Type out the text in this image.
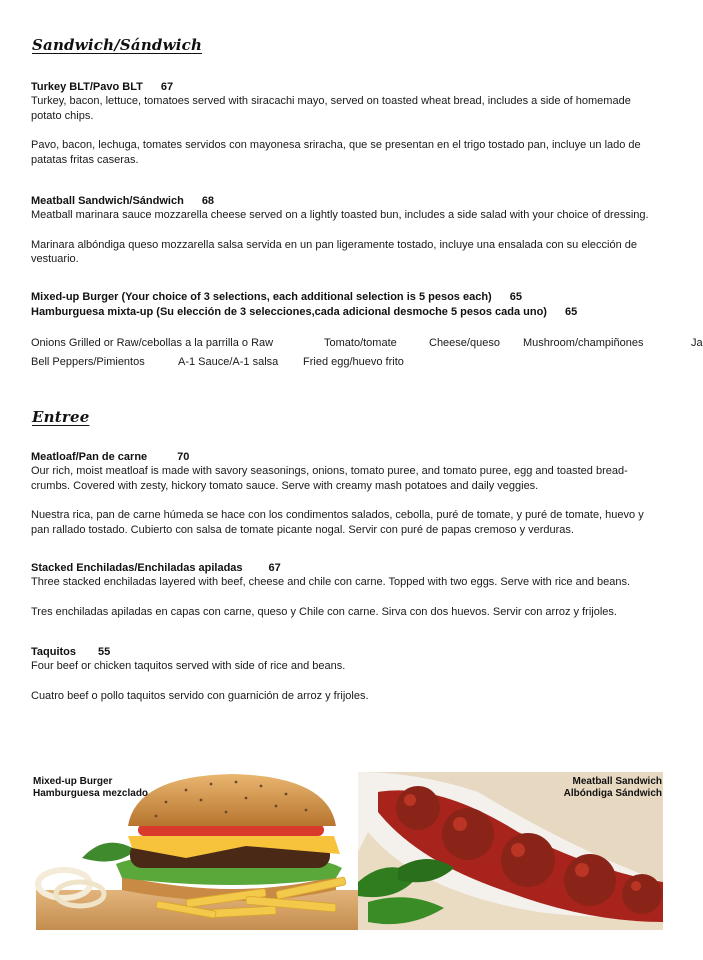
Sandwich/Sándwich
Turkey BLT/Pavo BLT 67

Turkey, bacon, lettuce, tomatoes served with siracachi mayo, served on toasted wheat bread, includes a side of homemade potato chips.

Pavo, bacon, lechuga, tomates servidos con mayonesa sriracha, que se presentan en el trigo tostado pan, incluye un lado de patatas fritas caseras.

Meatball Sandwich/Sándwich 68

Meatball marinara sauce mozzarella cheese served on a lightly toasted bun, includes a side salad with your choice of dressing.

Marinara albóndiga queso mozzarella salsa servida en un pan ligeramente tostado, incluye una ensalada con su elección de vestuario.

Mixed-up Burger (Your choice of 3 selections, each additional selection is 5 pesos each) 65
Hamburguesa mixta-up (Su elección de 3 selecciones,cada adicional desmoche 5 pesos cada uno) 65
Onions Grilled or Raw/cebollas a la parrilla o Raw	Tomato/tomate	Cheese/queso Mushroom/champiñones	Ja
Bell Peppers/Pimientos	A-1 Sauce/A-1 salsa Fried egg/huevo frito
Entree
Meatloaf/Pan de carne	70

Our rich, moist meatloaf is made with savory seasonings, onions, tomato puree, and tomato puree, egg and toasted bread-crumbs. Covered with zesty, hickory tomato sauce. Serve with creamy mash potatoes and daily veggies.

Nuestra rica, pan de carne húmeda se hace con los condimentos salados, cebolla, puré de tomate, y puré de tomate, huevo y pan rallado tostado. Cubierto con salsa de tomate picante nogal. Servir con puré de papas cremoso y verduras.

Stacked Enchiladas/Enchiladas apiladas 67

Three stacked enchiladas layered with beef, cheese and chile con carne. Topped with two eggs. Serve with rice and beans.

Tres enchiladas apiladas en capas con carne, queso y Chile con carne. Sirva con dos huevos. Servir con arroz y frijoles.

Taquitos 55

Four beef or chicken taquitos served with side of rice and beans.

Cuatro beef o pollo taquitos servido con guarnición de arroz y frijoles.

Mixed-up Burger
Hamburguesa mezclado
Meatball Sandwich
Albóndiga Sándwich
